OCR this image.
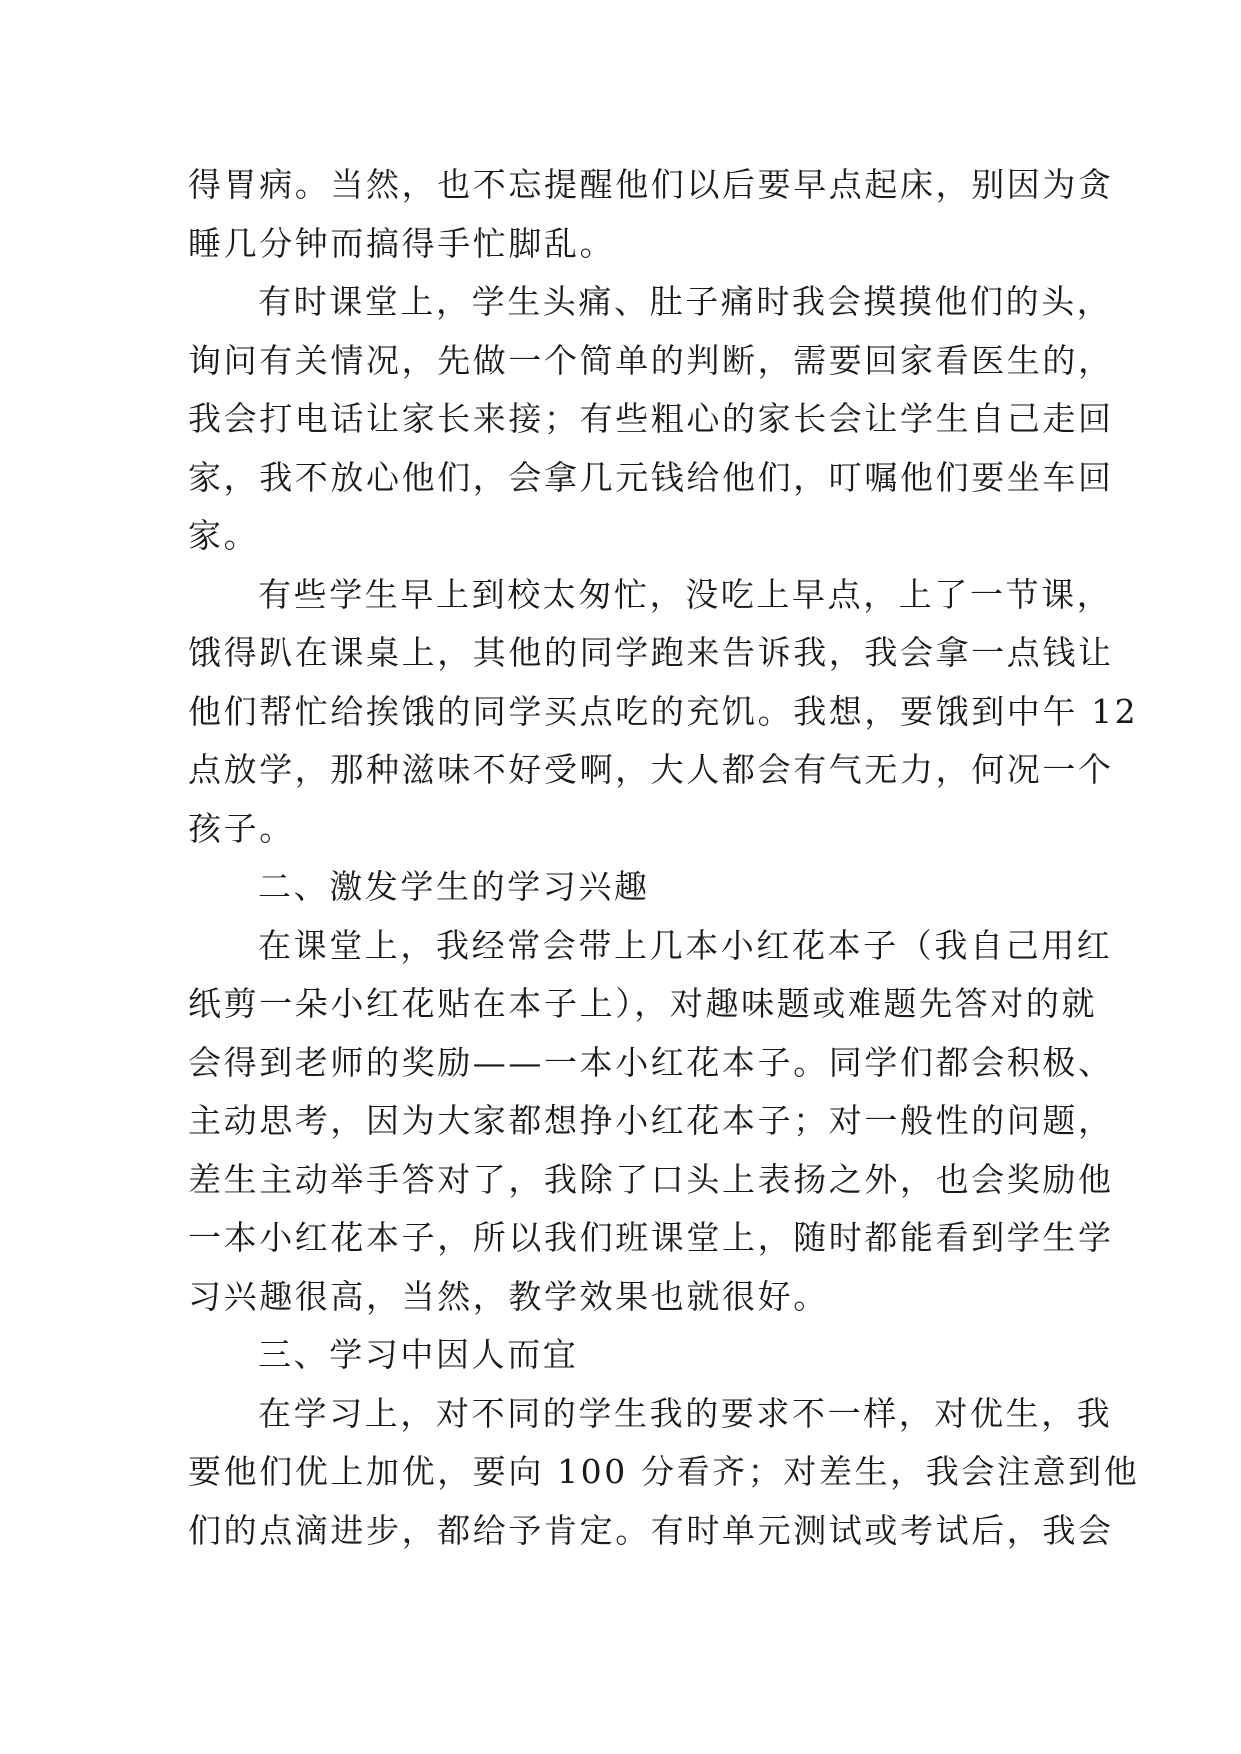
得胃病。当然，也不忘提醒他们以后要早点起床，别因为贪
睡几分钟而搞得手忙脚乱。
有时课堂上，学生头痛、肚子痛时我会摸摸他们的头，
询问有关情况，先做一个简单的判断，需要回家看医生的，
我会打电话让家长来接；有些粗心的家长会让学生自己走回
家，我不放心他们，会拿几元钱给他们，叮嘱他们要坐车回
家。
有些学生早上到校太匆忙，没吃上早点，上了一节课，
饿得趴在课桌上，其他的同学跑来告诉我，我会拿一点钱让
他们帮忙给挨饿的同学买点吃的充饥。我想，要饿到中午 12
点放学，那种滋味不好受啊，大人都会有气无力，何况一个
孩子。
二、激发学生的学习兴趣
在课堂上，我经常会带上几本小红花本子（我自己用红
纸剪一朵小红花贴在本子上），对趣味题或难题先答对的就
会得到老师的奖励——一本小红花本子。同学们都会积极、
主动思考，因为大家都想挣小红花本子；对一般性的问题，
差生主动举手答对了，我除了口头上表扬之外，也会奖励他
一本小红花本子，所以我们班课堂上，随时都能看到学生学
习兴趣很高，当然，教学效果也就很好。
三、学习中因人而宜
在学习上，对不同的学生我的要求不一样，对优生，我
要他们优上加优，要向 100 分看齐；对差生，我会注意到他
们的点滴进步，都给予肯定。有时单元测试或考试后，我会
